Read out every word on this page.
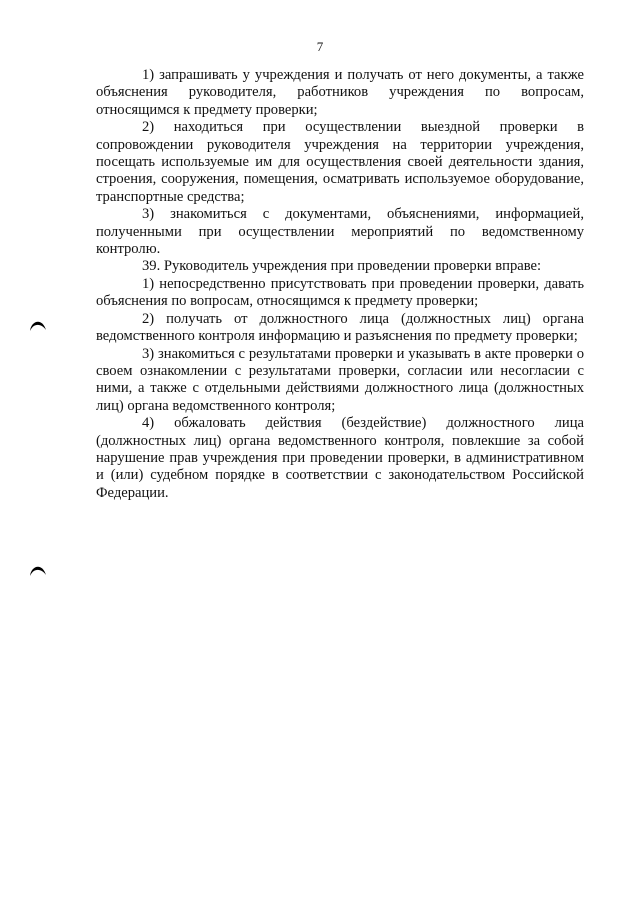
7

1) запрашивать у учреждения и получать от него документы, а также объяснения руководителя, работников учреждения по вопросам, относящимся к предмету проверки;

2) находиться при осуществлении выездной проверки в сопровождении руководителя учреждения на территории учреждения, посещать используемые им для осуществления своей деятельности здания, строения, сооружения, помещения, осматривать используемое оборудование, транспортные средства;

3) знакомиться с документами, объяснениями, информацией, полученными при осуществлении мероприятий по ведомственному контролю.

39. Руководитель учреждения при проведении проверки вправе:

1) непосредственно присутствовать при проведении проверки, давать объяснения по вопросам, относящимся к предмету проверки;

2) получать от должностного лица (должностных лиц) органа ведомственного контроля информацию и разъяснения по предмету проверки;

3) знакомиться с результатами проверки и указывать в акте проверки о своем ознакомлении с результатами проверки, согласии или несогласии с ними, а также с отдельными действиями должностного лица (должностных лиц) органа ведомственного контроля;

4) обжаловать действия (бездействие) должностного лица (должностных лиц) органа ведомственного контроля, повлекшие за собой нарушение прав учреждения при проведении проверки, в административном и (или) судебном порядке в соответствии с законодательством Российской Федерации.
